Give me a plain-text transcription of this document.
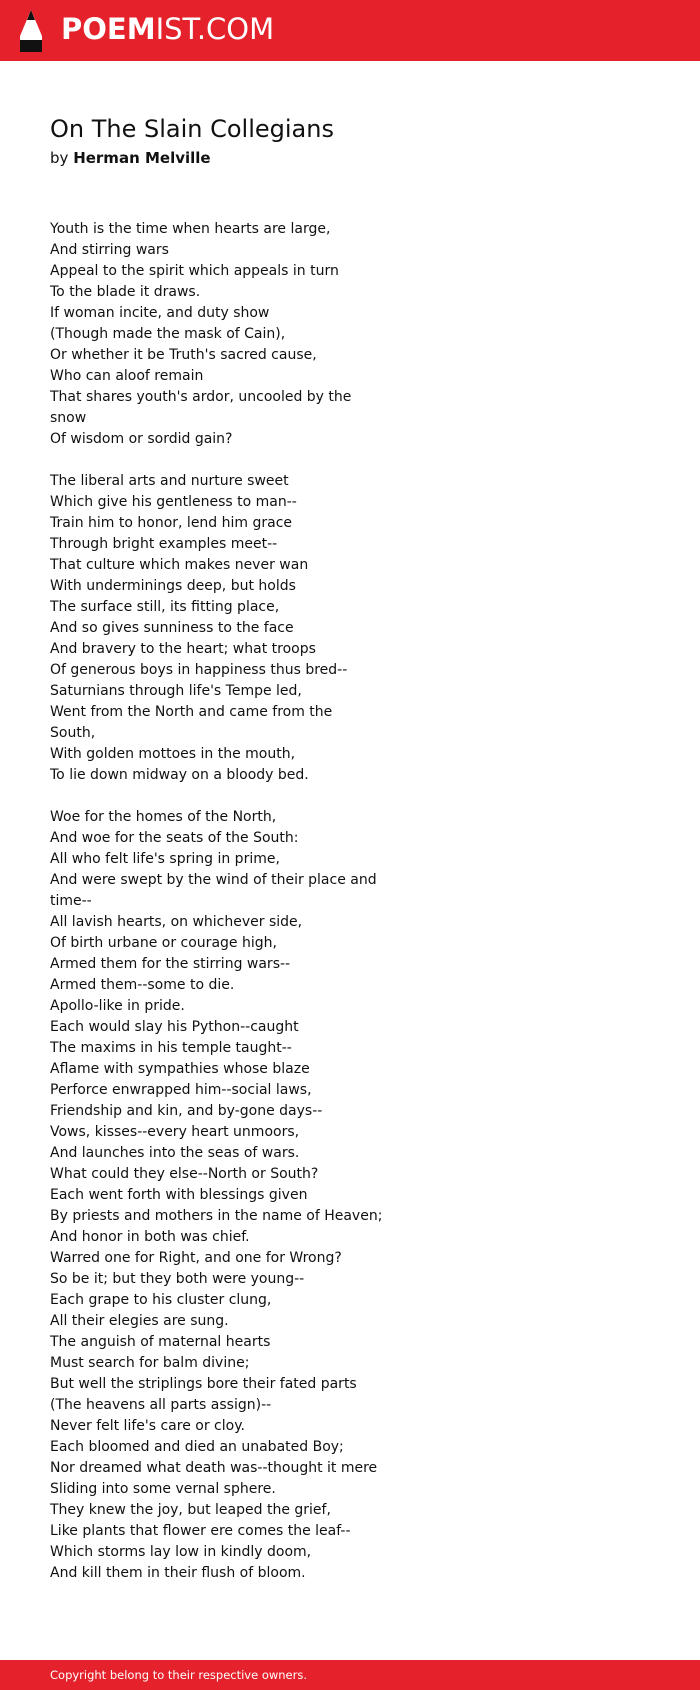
POEMIST.COM
On The Slain Collegians

by Herman Melville

Youth is the time when hearts are large,
And stirring wars
Appeal to the spirit which appeals in turn
To the blade it draws.
If woman incite, and duty show
(Though made the mask of Cain),
Or whether it be Truth's sacred cause,
Who can aloof remain
That shares youth's ardor, uncooled by the
snow
Of wisdom or sordid gain?
The liberal arts and nurture sweet
Which give his gentleness to man--
Train him to honor, lend him grace
Through bright examples meet--
That culture which makes never wan
With underminings deep, but holds
The surface still, its fitting place,
And so gives sunniness to the face
And bravery to the heart; what troops
Of generous boys in happiness thus bred--
Saturnians through life's Tempe led,
Went from the North and came from the
South,
With golden mottoes in the mouth,
To lie down midway on a bloody bed.
Woe for the homes of the North,
And woe for the seats of the South:
All who felt life's spring in prime,
And were swept by the wind of their place and
time--
All lavish hearts, on whichever side,
Of birth urbane or courage high,
Armed them for the stirring wars--
Armed them--some to die.
Apollo-like in pride.
Each would slay his Python--caught
The maxims in his temple taught--
Aflame with sympathies whose blaze
Perforce enwrapped him--social laws,
Friendship and kin, and by-gone days--
Vows, kisses--every heart unmoors,
And launches into the seas of wars.
What could they else--North or South?
Each went forth with blessings given
By priests and mothers in the name of Heaven;
And honor in both was chief.
Warred one for Right, and one for Wrong?
So be it; but they both were young--
Each grape to his cluster clung,
All their elegies are sung.
The anguish of maternal hearts
Must search for balm divine;
But well the striplings bore their fated parts
(The heavens all parts assign)--
Never felt life's care or cloy.
Each bloomed and died an unabated Boy;
Nor dreamed what death was--thought it mere
Sliding into some vernal sphere.
They knew the joy, but leaped the grief,
Like plants that flower ere comes the leaf--
Which storms lay low in kindly doom,
And kill them in their flush of bloom.
Copyright belong to their respective owners.
